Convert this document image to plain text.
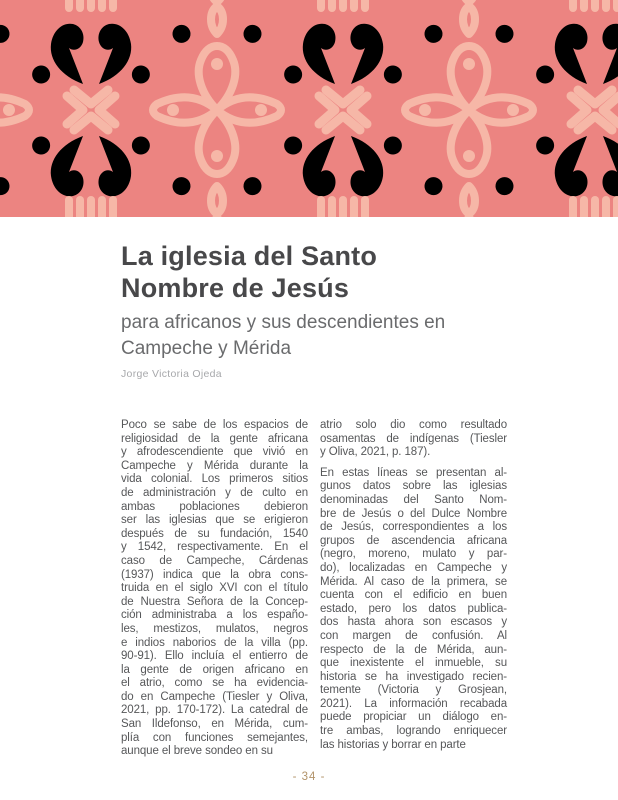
La iglesia del Santo
Nombre de Jesús
para africanos y sus descendientes en
Campeche y Mérida
Jorge Victoria Ojeda
Poco se sabe de los espacios de
religiosidad de la gente africana
y afrodescendiente que vivió en
Campeche y Mérida durante la
vida colonial. Los primeros sitios
de administración y de culto en
ambas poblaciones debieron
ser las iglesias que se erigieron
después de su fundación, 1540
y 1542, respectivamente. En el
caso de Campeche, Cárdenas
(1937) indica que la obra cons-
truida en el siglo XVI con el título
de Nuestra Señora de la Concep-
ción administraba a los españo-
les, mestizos, mulatos, negros
e indios naborios de la villa (pp.
90-91). Ello incluía el entierro de
la gente de origen africano en
el atrio, como se ha evidencia-
do en Campeche (Tiesler y Oliva,
2021, pp. 170-172). La catedral de
San Ildefonso, en Mérida, cum-
plía con funciones semejantes,
aunque el breve sondeo en su
atrio solo dio como resultado
osamentas de indígenas (Tiesler
y Oliva, 2021, p. 187).
En estas líneas se presentan al-
gunos datos sobre las iglesias
denominadas del Santo Nom-
bre de Jesús o del Dulce Nombre
de Jesús, correspondientes a los
grupos de ascendencia africana
(negro, moreno, mulato y par-
do), localizadas en Campeche y
Mérida. Al caso de la primera, se
cuenta con el edificio en buen
estado, pero los datos publica-
dos hasta ahora son escasos y
con margen de confusión. Al
respecto de la de Mérida, aun-
que inexistente el inmueble, su
historia se ha investigado recien-
temente (Victoria y Grosjean,
2021). La información recabada
puede propiciar un diálogo en-
tre ambas, logrando enriquecer
las historias y borrar en parte
- 34 -
